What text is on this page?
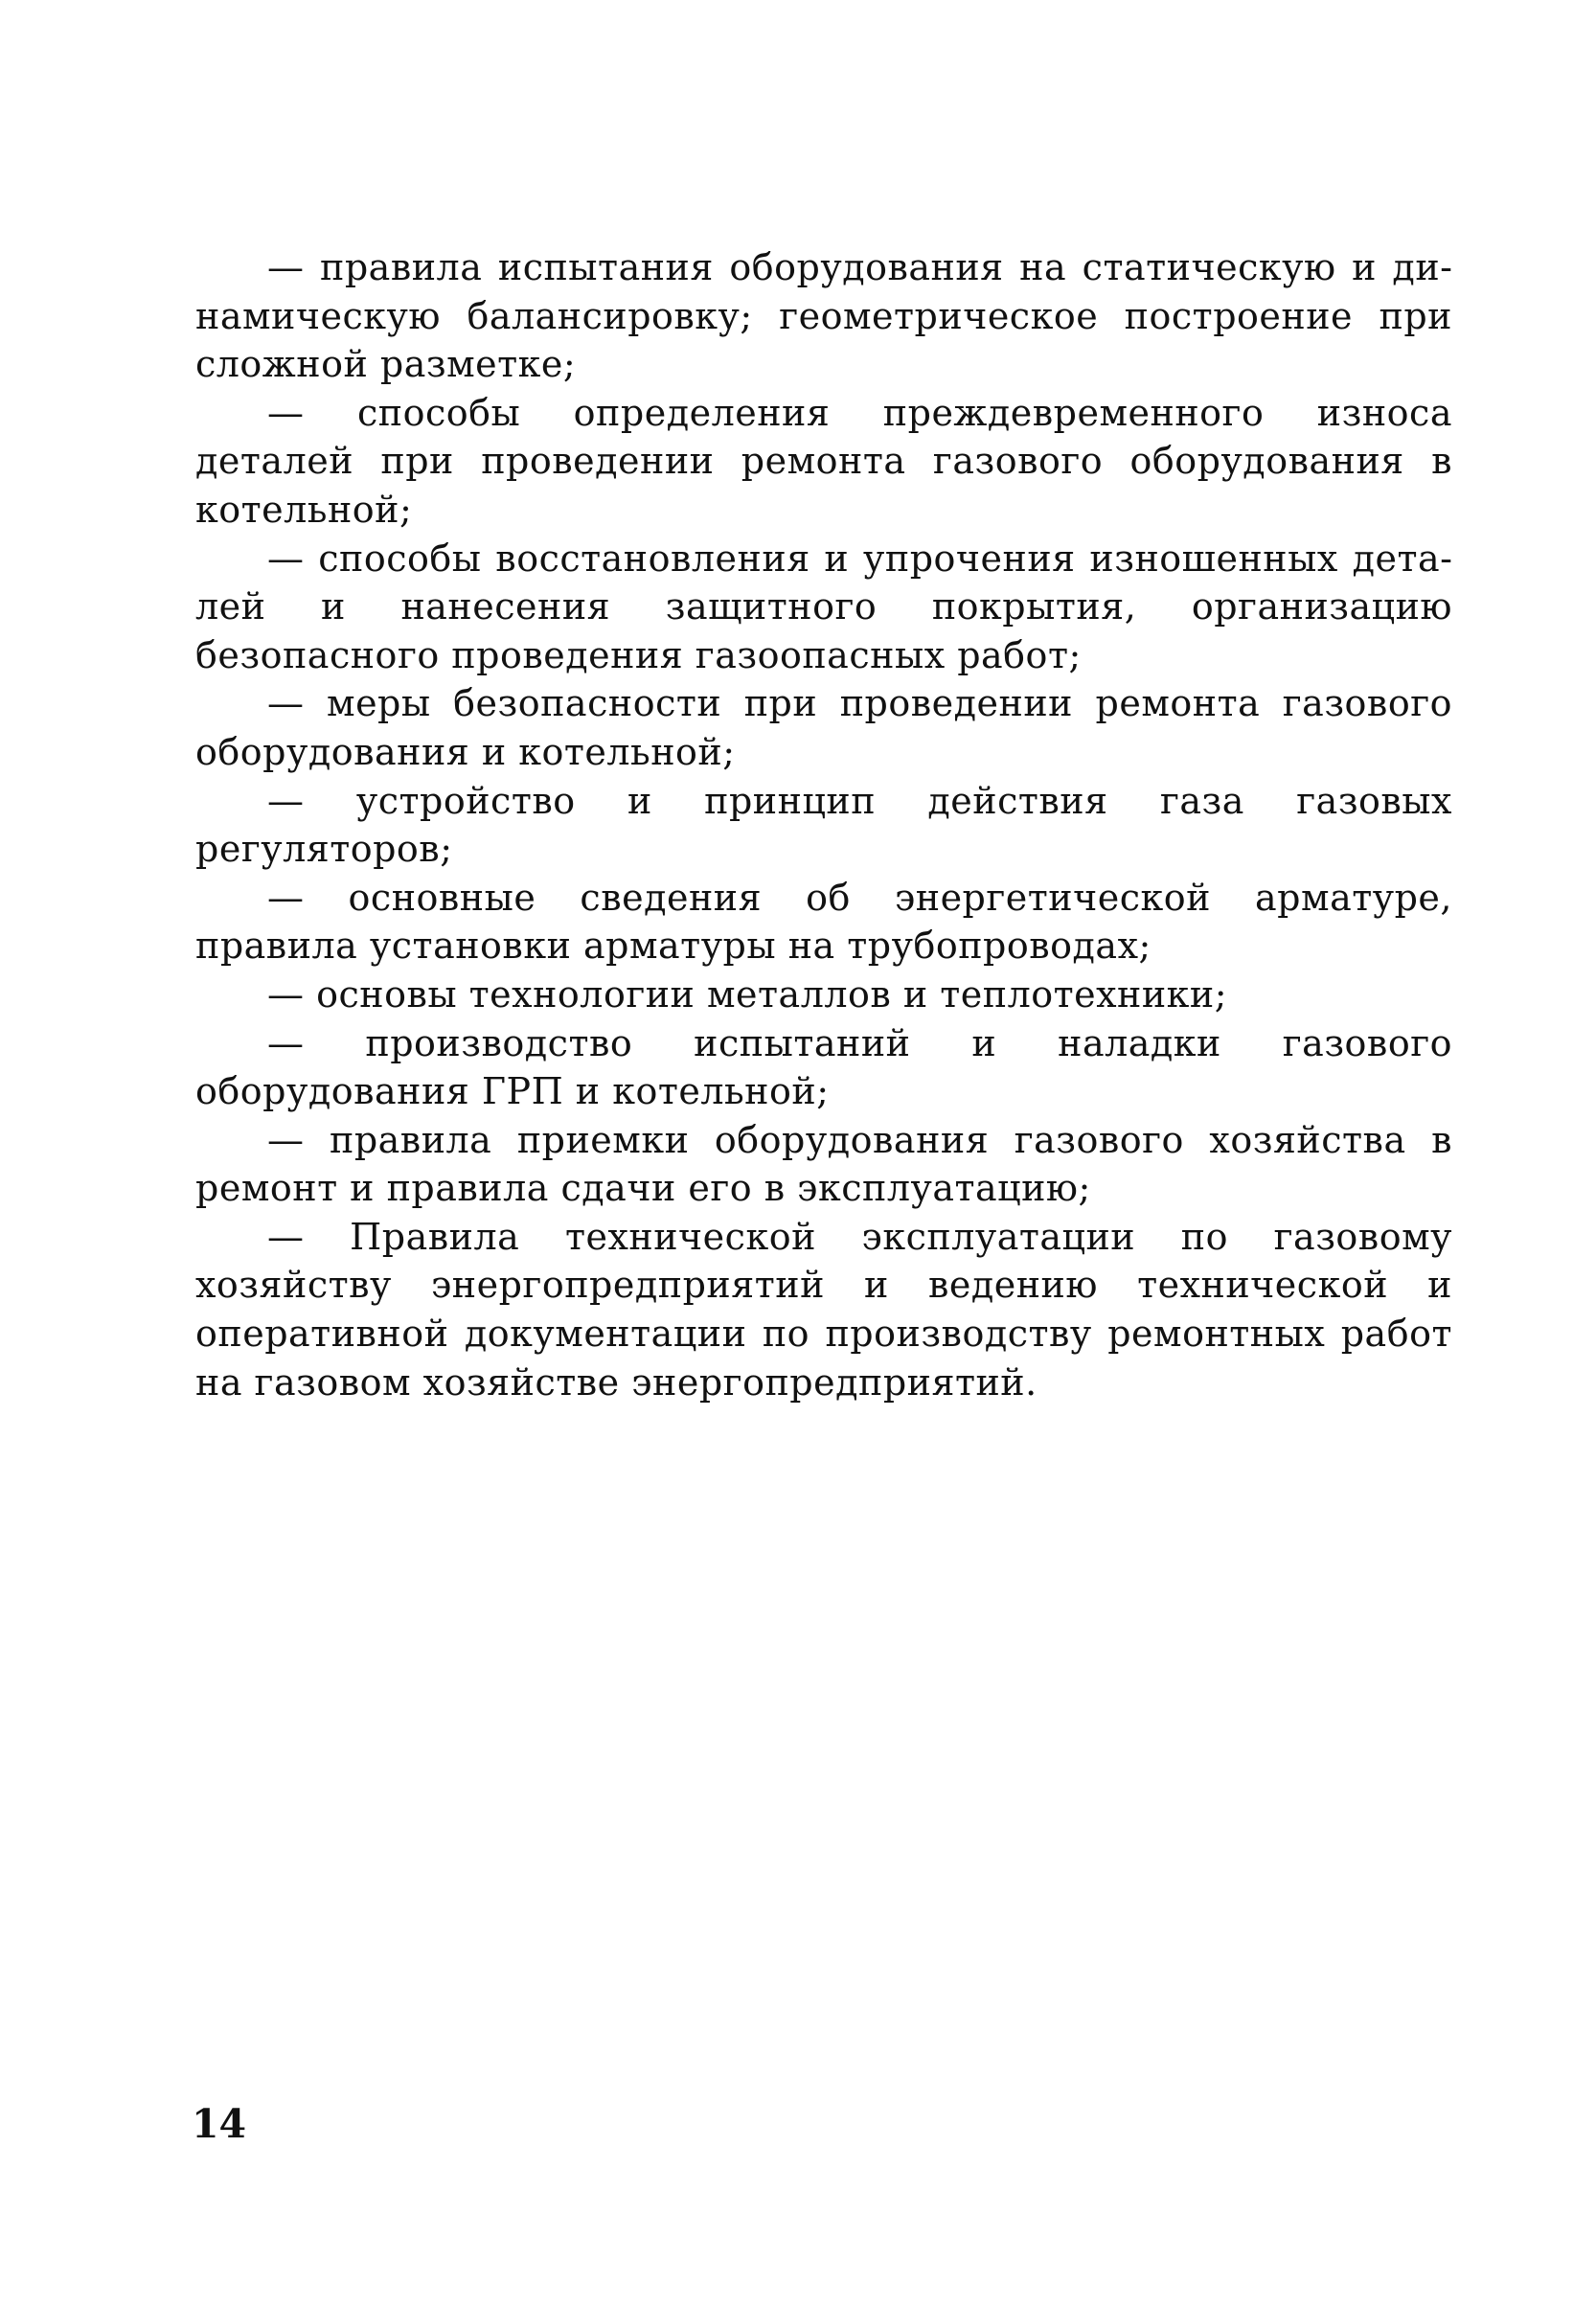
— правила испытания оборудования на статическую и динамическую балансировку; геометрическое построение при сложной разметке;

— способы определения преждевременного износа деталей при проведении ремонта газового оборудования в котельной;

— способы восстановления и упрочения изношенных деталей и нанесения защитного покрытия, организацию безопасного проведения газоопасных работ;

— меры безопасности при проведении ремонта газового оборудования и котельной;

— устройство и принцип действия газа газовых регуляторов;

— основные сведения об энергетической арматуре, правила установки арматуры на трубопроводах;

— основы технологии металлов и теплотехники;

— производство испытаний и наладки газового оборудования ГРП и котельной;

— правила приемки оборудования газового хозяйства в ремонт и правила сдачи его в эксплуатацию;

— Правила технической эксплуатации по газовому хозяйству энергопредприятий и ведению технической и оперативной документации по производству ремонтных работ на газовом хозяйстве энергопредприятий.

14
